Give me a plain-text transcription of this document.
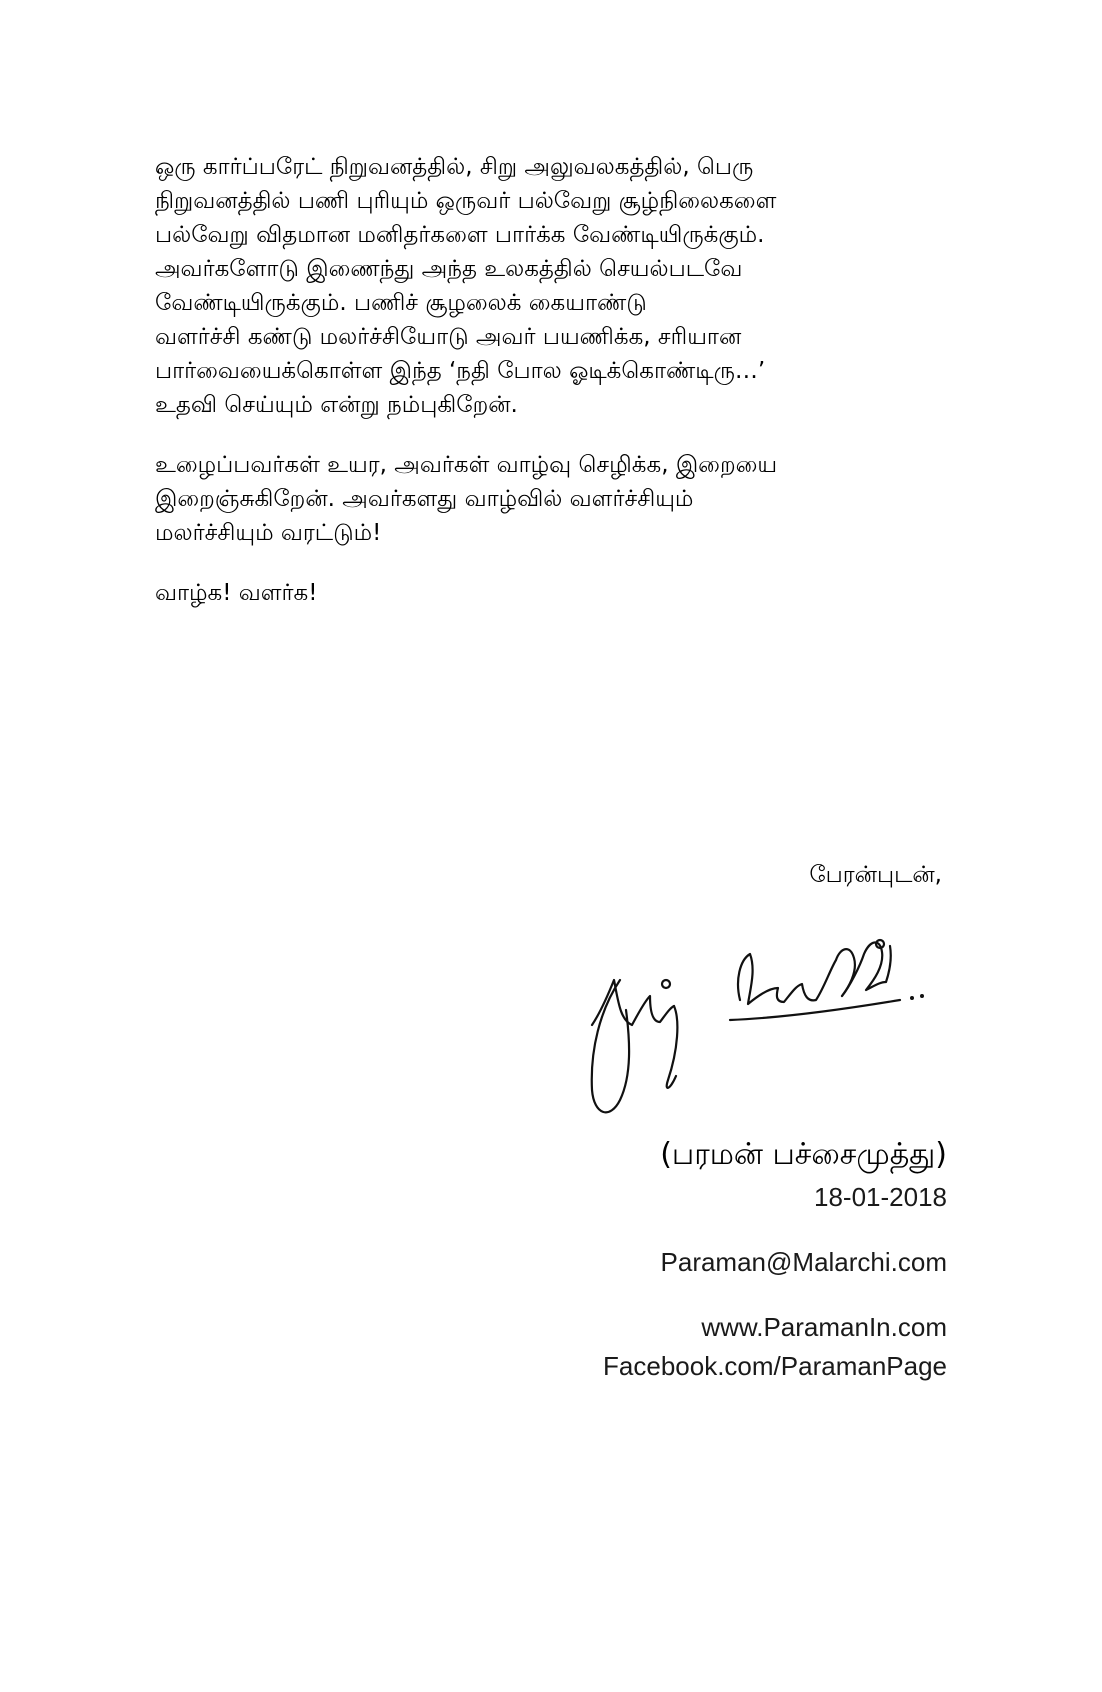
ஒரு கார்ப்பரேட் நிறுவனத்தில், சிறு அலுவலகத்தில், பெரு
நிறுவனத்தில் பணி புரியும் ஒருவர் பல்வேறு சூழ்நிலைகளை
பல்வேறு விதமான மனிதர்களை பார்க்க வேண்டியிருக்கும்.
அவர்களோடு இணைந்து அந்த உலகத்தில் செயல்படவே
வேண்டியிருக்கும். பணிச் சூழலைக் கையாண்டு
வளர்ச்சி கண்டு மலர்ச்சியோடு அவர் பயணிக்க, சரியான
பார்வையைக்கொள்ள இந்த ‘நதி போல ஓடிக்கொண்டிரு…’
உதவி செய்யும் என்று நம்புகிறேன்.

உழைப்பவர்கள் உயர, அவர்கள் வாழ்வு செழிக்க, இறையை
இறைஞ்சுகிறேன். அவர்களது வாழ்வில் வளர்ச்சியும்
மலர்ச்சியும் வரட்டும்!

வாழ்க! வளர்க!

பேரன்புடன்,
(பரமன் பச்சைமுத்து)
18-01-2018
Paraman@Malarchi.com
www.ParamanIn.com
Facebook.com/ParamanPage
